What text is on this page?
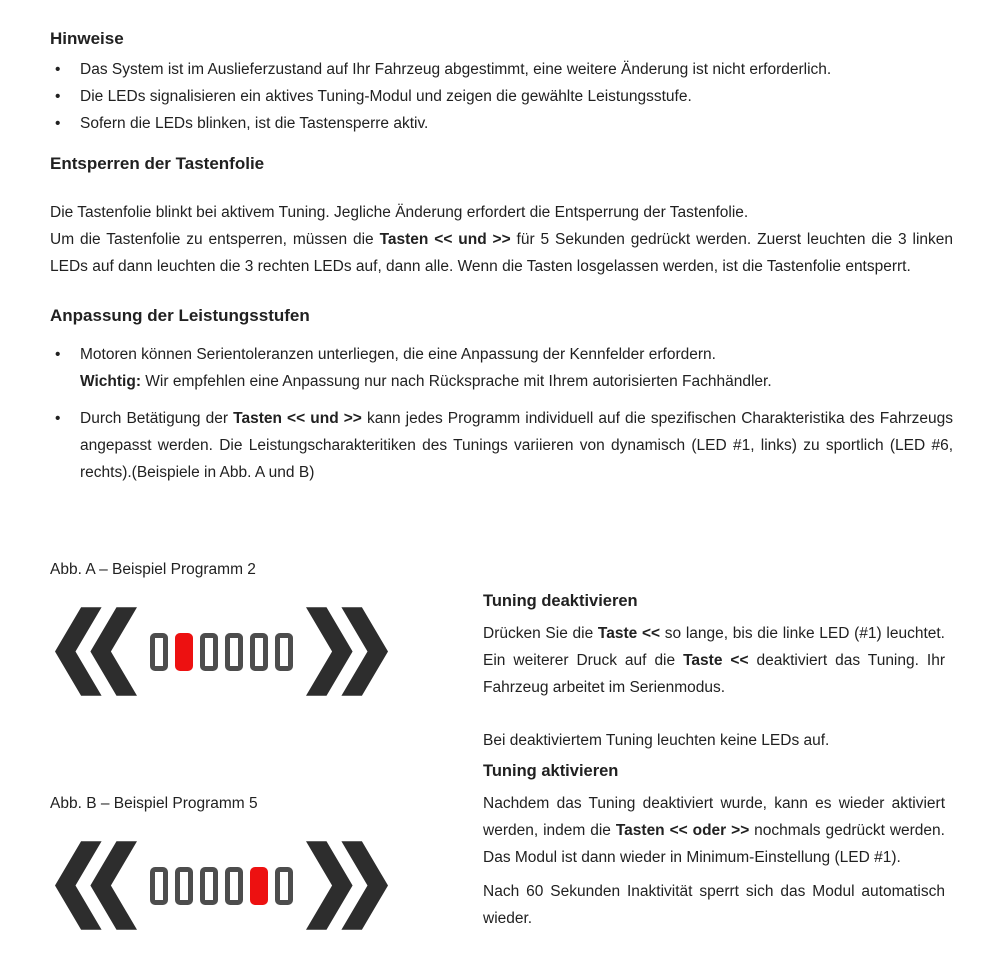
Hinweise

•	Das System ist im Auslieferzustand auf Ihr Fahrzeug abgestimmt, eine weitere Änderung ist nicht erforderlich.
•	Die LEDs signalisieren ein aktives Tuning-Modul und zeigen die gewählte Leistungsstufe.
•	Sofern die LEDs blinken, ist die Tastensperre aktiv.

Entsperren der Tastenfolie

Die Tastenfolie blinkt bei aktivem Tuning. Jegliche Änderung erfordert die Entsperrung der Tastenfolie.

Um die Tastenfolie zu entsperren, müssen die Tasten << und >> für 5 Sekunden gedrückt werden. Zuerst leuchten die 3 linken LEDs auf dann leuchten die 3 rechten LEDs auf, dann alle. Wenn die Tasten losgelassen werden, ist die Tastenfolie entsperrt.

Anpassung der Leistungsstufen

•	Motoren können Serientoleranzen unterliegen, die eine Anpassung der Kennfelder erfordern.
Wichtig: Wir empfehlen eine Anpassung nur nach Rücksprache mit Ihrem autorisierten Fachhändler.
•	Durch Betätigung der Tasten << und >> kann jedes Programm individuell auf die spezifischen Charakteristika des Fahrzeugs angepasst werden. Die Leistungscharakteritiken des Tunings variieren von dynamisch (LED #1, links) zu sportlich (LED #6, rechts).(Beispiele in Abb. A und B)

Abb. A – Beispiel Programm 2

Abb. B – Beispiel Programm 5

Tuning deaktivieren

Drücken Sie die Taste << so lange, bis die linke LED (#1) leuchtet. Ein weiterer Druck auf die Taste << deaktiviert das Tuning. Ihr Fahrzeug arbeitet im Serienmodus.

Bei deaktiviertem Tuning leuchten keine LEDs auf.

Tuning aktivieren

Nachdem das Tuning deaktiviert wurde, kann es wieder aktiviert werden, indem die Tasten << oder >> nochmals gedrückt werden. Das Modul ist dann wieder in Minimum-Einstellung (LED #1).

Nach 60 Sekunden Inaktivität sperrt sich das Modul automatisch wieder.
